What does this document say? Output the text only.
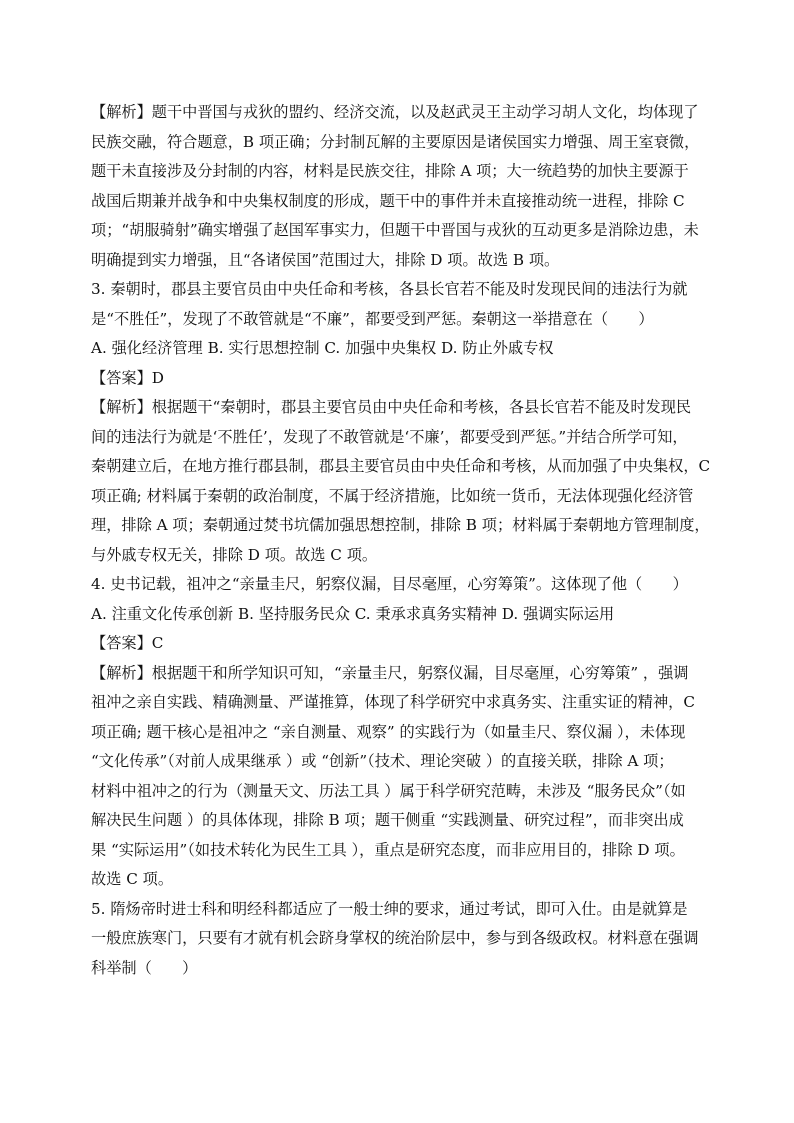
【解析】题干中晋国与戎狄的盟约、经济交流，以及赵武灵王主动学习胡人文化，均体现了
民族交融，符合题意，B 项正确；分封制瓦解的主要原因是诸侯国实力增强、周王室衰微，
题干未直接涉及分封制的内容，材料是民族交往，排除 A 项；大一统趋势的加快主要源于
战国后期兼并战争和中央集权制度的形成，题干中的事件并未直接推动统一进程，排除 C
项；“胡服骑射”确实增强了赵国军事实力，但题干中晋国与戎狄的互动更多是消除边患，未
明确提到实力增强，且“各诸侯国”范围过大，排除 D 项。故选 B 项。
3. 秦朝时，郡县主要官员由中央任命和考核，各县长官若不能及时发现民间的违法行为就
是“不胜任”，发现了不敢管就是“不廉”，都要受到严惩。秦朝这一举措意在（　　）
A. 强化经济管理 B. 实行思想控制 C. 加强中央集权 D. 防止外戚专权
【答案】D
【解析】根据题干“秦朝时，郡县主要官员由中央任命和考核，各县长官若不能及时发现民
间的违法行为就是‘不胜任’，发现了不敢管就是‘不廉’，都要受到严惩。”并结合所学可知，
秦朝建立后，在地方推行郡县制，郡县主要官员由中央任命和考核，从而加强了中央集权，C
项正确; 材料属于秦朝的政治制度，不属于经济措施，比如统一货币，无法体现强化经济管
理，排除 A 项；秦朝通过焚书坑儒加强思想控制，排除 B 项；材料属于秦朝地方管理制度，
与外戚专权无关，排除 D 项。故选 C 项。
4. 史书记载，祖冲之“亲量圭尺，躬察仪漏，目尽毫厘，心穷筹策”。这体现了他（　　）
A. 注重文化传承创新 B. 坚持服务民众 C. 秉承求真务实精神 D. 强调实际运用
【答案】C
【解析】根据题干和所学知识可知，“亲量圭尺，躬察仪漏，目尽毫厘，心穷筹策” ，强调
祖冲之亲自实践、精确测量、严谨推算，体现了科学研究中求真务实、注重实证的精神，C
项正确; 题干核心是祖冲之 “亲自测量、观察” 的实践行为（如量圭尺、察仪漏 ），未体现
“文化传承”（对前人成果继承 ）或 “创新”（技术、理论突破 ）的直接关联，排除 A 项；
材料中祖冲之的行为（测量天文、历法工具 ）属于科学研究范畴，未涉及 “服务民众”（如
解决民生问题 ）的具体体现，排除 B 项；题干侧重 “实践测量、研究过程”，而非突出成
果 “实际运用”（如技术转化为民生工具 ），重点是研究态度，而非应用目的，排除 D 项。
故选 C 项。
5. 隋炀帝时进士科和明经科都适应了一般士绅的要求，通过考试，即可入仕。由是就算是
一般庶族寒门，只要有才就有机会跻身掌权的统治阶层中，参与到各级政权。材料意在强调
科举制（　　）
